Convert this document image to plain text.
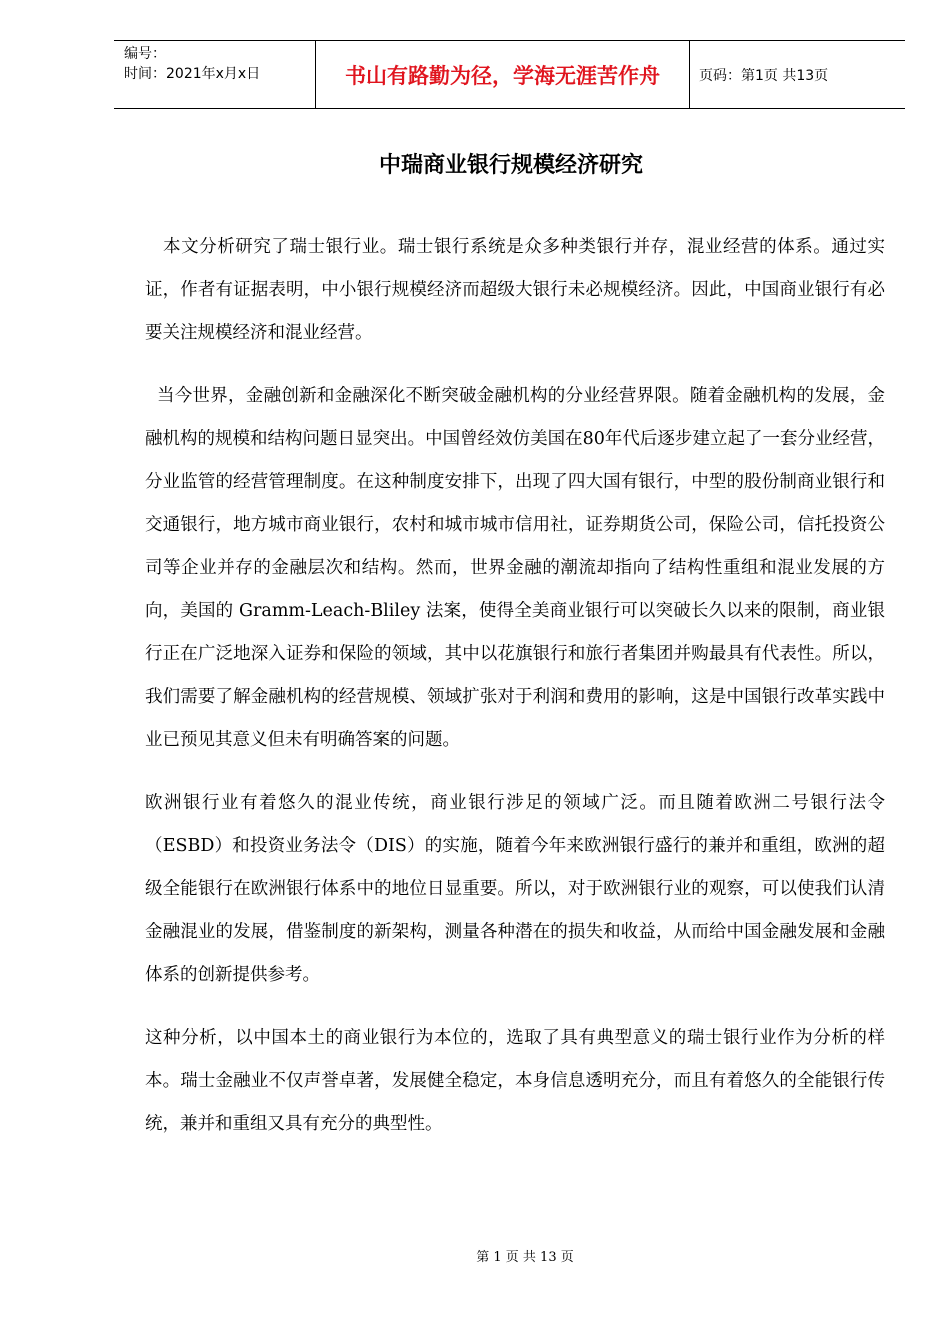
编号：
时间：2021年x月x日	书山有路勤为径，学海无涯苦作舟	页码：第1页 共13页
中瑞商业银行规模经济研究

本文分析研究了瑞士银行业。瑞士银行系统是众多种类银行并存，混业经营的体系。通过实证，作者有证据表明，中小银行规模经济而超级大银行未必规模经济。因此，中国商业银行有必要关注规模经济和混业经营。

当今世界，金融创新和金融深化不断突破金融机构的分业经营界限。随着金融机构的发展，金融机构的规模和结构问题日显突出。中国曾经效仿美国在80年代后逐步建立起了一套分业经营，分业监管的经营管理制度。在这种制度安排下，出现了四大国有银行，中型的股份制商业银行和交通银行，地方城市商业银行，农村和城市城市信用社，证券期货公司，保险公司，信托投资公司等企业并存的金融层次和结构。然而，世界金融的潮流却指向了结构性重组和混业发展的方向，美国的 Gramm-Leach-Bliley 法案，使得全美商业银行可以突破长久以来的限制，商业银行正在广泛地深入证券和保险的领域，其中以花旗银行和旅行者集团并购最具有代表性。所以，我们需要了解金融机构的经营规模、领域扩张对于利润和费用的影响，这是中国银行改革实践中业已预见其意义但未有明确答案的问题。

欧洲银行业有着悠久的混业传统，商业银行涉足的领域广泛。而且随着欧洲二号银行法令（ESBD）和投资业务法令（DIS）的实施，随着今年来欧洲银行盛行的兼并和重组，欧洲的超级全能银行在欧洲银行体系中的地位日显重要。所以，对于欧洲银行业的观察，可以使我们认清金融混业的发展，借鉴制度的新架构，测量各种潜在的损失和收益，从而给中国金融发展和金融体系的创新提供参考。

这种分析，以中国本土的商业银行为本位的，选取了具有典型意义的瑞士银行业作为分析的样本。瑞士金融业不仅声誉卓著，发展健全稳定，本身信息透明充分，而且有着悠久的全能银行传统，兼并和重组又具有充分的典型性。

第 1 页 共 13 页
